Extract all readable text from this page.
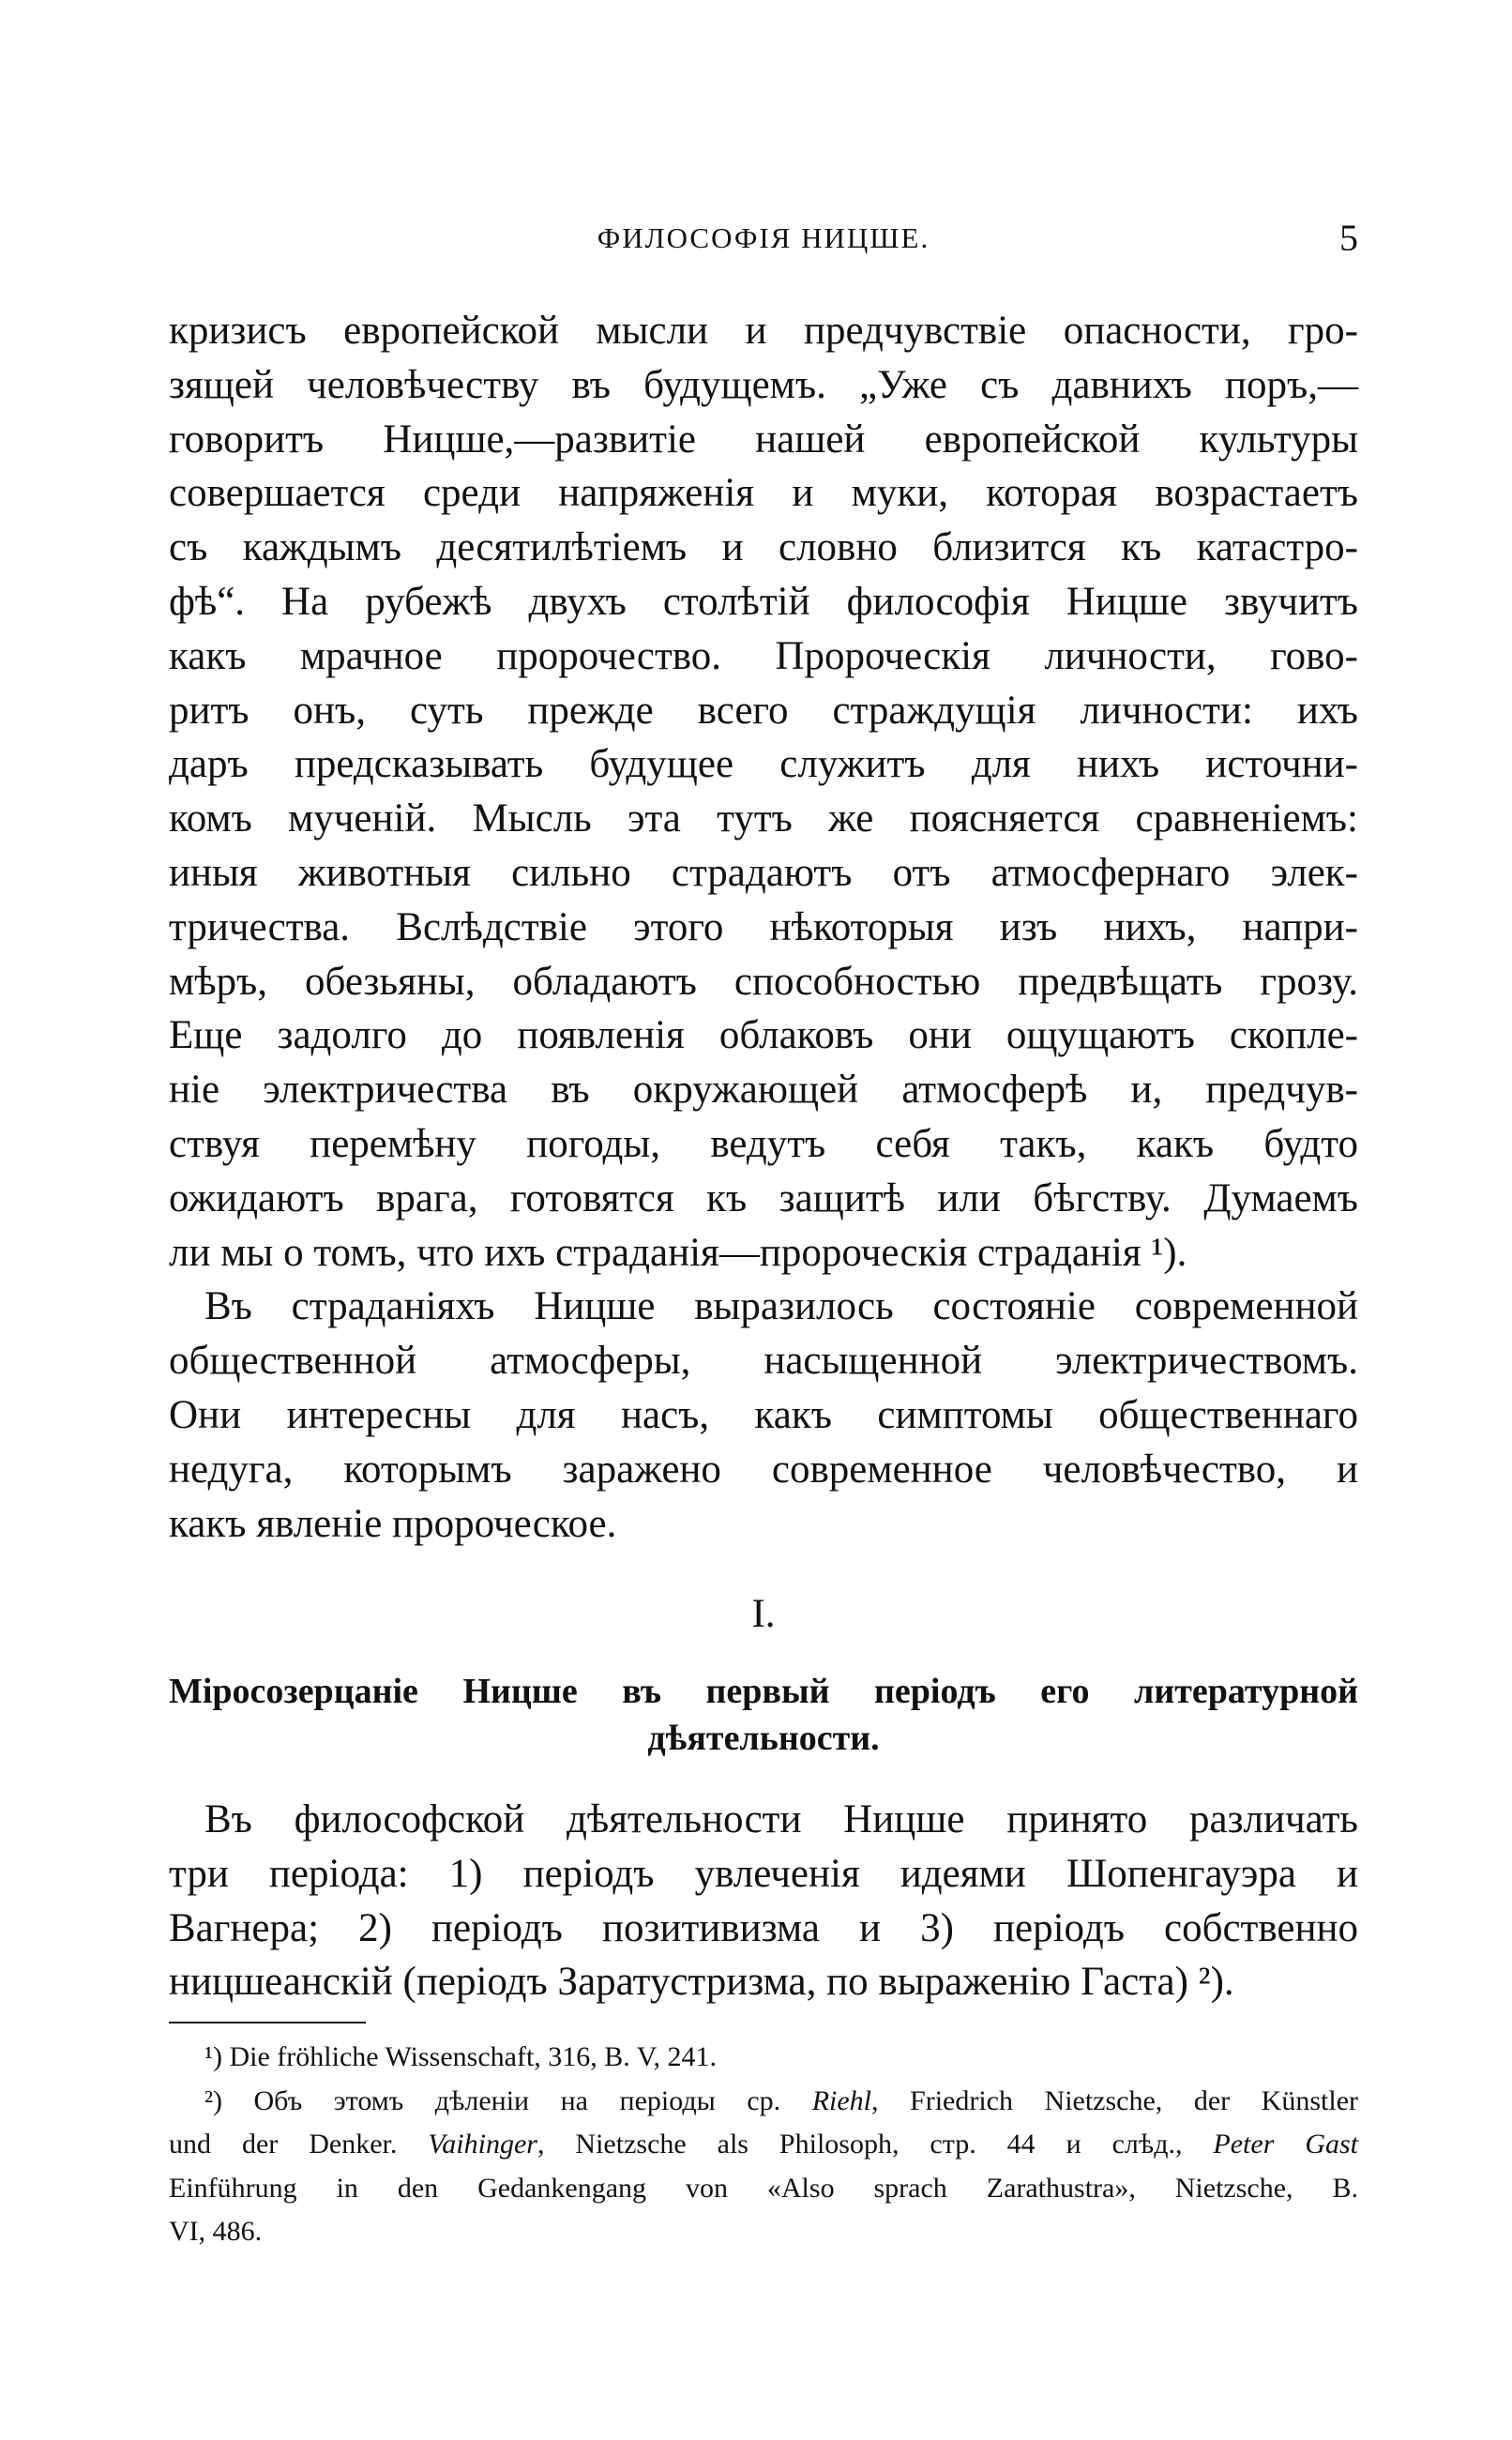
ФИЛОСОФІЯ НИЦШЕ.	5
кризисъ европейской мысли и предчувствіе опасности, гро-
зящей человѣчеству въ будущемъ. „Уже съ давнихъ поръ,—
говоритъ Ницше,—развитіе нашей европейской культуры
совершается среди напряженія и муки, которая возрастаетъ
съ каждымъ десятилѣтіемъ и словно близится къ катастро-
фѣ“. На рубежѣ двухъ столѣтій философія Ницше звучитъ
какъ мрачное пророчество. Пророческія личности, гово-
ритъ онъ, суть прежде всего страждущія личности: ихъ
даръ предсказывать будущее служитъ для нихъ источни-
комъ мученій. Мысль эта тутъ же поясняется сравненіемъ:
иныя животныя сильно страдаютъ отъ атмосфернаго элек-
тричества. Вслѣдствіе этого нѣкоторыя изъ нихъ, напри-
мѣръ, обезьяны, обладаютъ способностью предвѣщать грозу.
Еще задолго до появленія облаковъ они ощущаютъ скопле-
ніе электричества въ окружающей атмосферѣ и, предчув-
ствуя перемѣну погоды, ведутъ себя такъ, какъ будто
ожидаютъ врага, готовятся къ защитѣ или бѣгству. Думаемъ
ли мы о томъ, что ихъ страданія—пророческія страданія ¹).
Въ страданіяхъ Ницше выразилось состояніе современной
общественной атмосферы, насыщенной электричествомъ.
Они интересны для насъ, какъ симптомы общественнаго
недуга, которымъ заражено современное человѣчество, и
какъ явленіе пророческое.
I.
Міросозерцаніе Ницше въ первый періодъ его литературной
дѣятельности.
Въ философской дѣятельности Ницше принято различать
три періода: 1) періодъ увлеченія идеями Шопенгауэра и
Вагнера; 2) періодъ позитивизма и 3) періодъ собственно
ницшеанскій (періодъ Заратустризма, по выраженію Гаста) ²).
¹) Die fröhliche Wissenschaft, 316, B. V, 241.
²) Объ этомъ дѣленіи на періоды ср. Riehl, Friedrich Nietzsche, der Künstler
und der Denker. Vaihinger, Nietzsche als Philosoph, стр. 44 и слѣд., Peter Gast
Einführung in den Gedankengang von «Also sprach Zarathustra», Nietzsche, B.
VI, 486.
